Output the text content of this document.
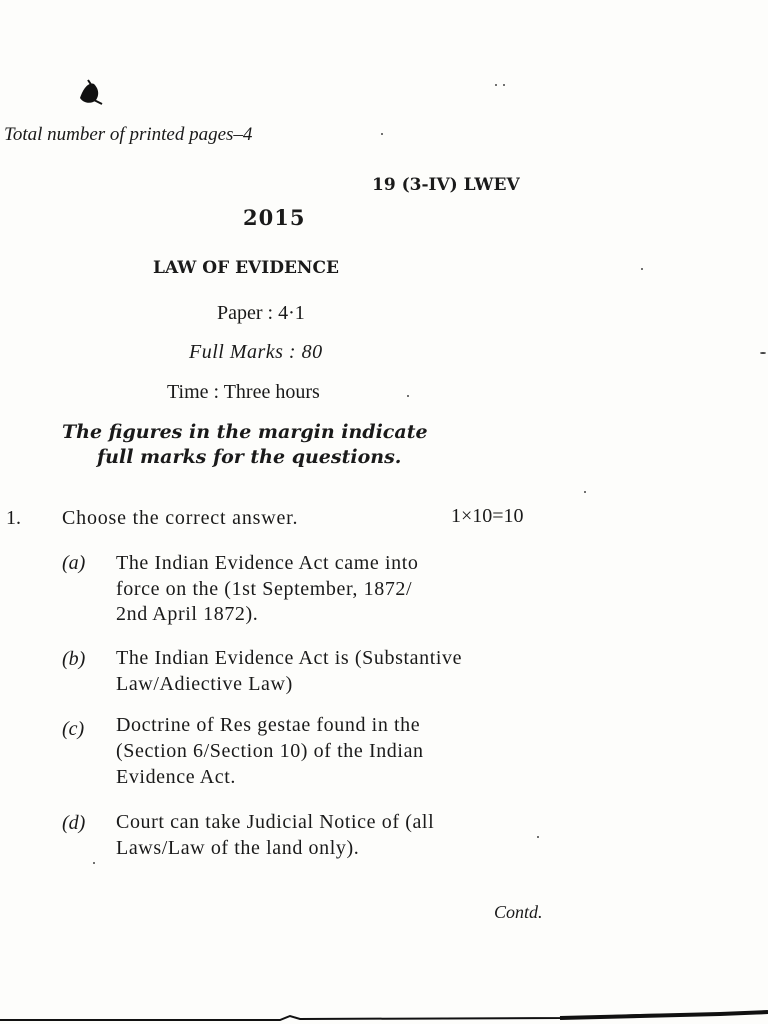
Total number of printed pages–4
19 (3-IV) LWEV
2015
LAW OF EVIDENCE
Paper : 4·1
Full Marks : 80
Time : Three hours
The figures in the margin indicate
full marks for the questions.
1. Choose the correct answer.	1×10=10
(a) The Indian Evidence Act came into
force on the (1st September, 1872/
2nd April 1872).
(b) The Indian Evidence Act is (Substantive
Law/Adiective Law)
(c) Doctrine of Res gestae found in the
(Section 6/Section 10) of the Indian
Evidence Act.
(d) Court can take Judicial Notice of (all
Laws/Law of the land only).
Contd.
